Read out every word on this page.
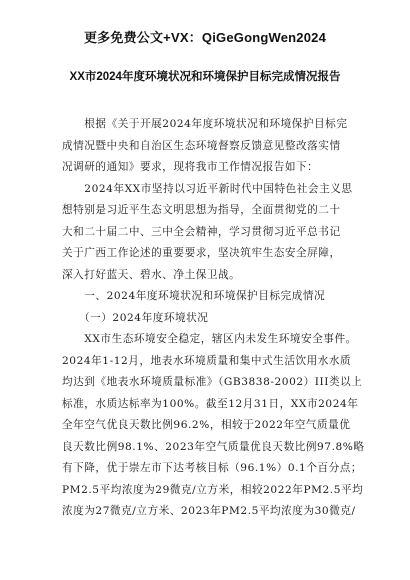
更多免费公文+VX：QiGeGongWen2024
XX市2024年度环境状况和环境保护目标完成情况报告
　　根据《关于开展2024年度环境状况和环境保护目标完
成情况暨中央和自治区生态环境督察反馈意见整改落实情
况调研的通知》要求，现将我市工作情况报告如下：
　　2024年XX市坚持以习近平新时代中国特色社会主义思
想特别是习近平生态文明思想为指导，全面贯彻党的二十
大和二十届二中、三中全会精神，学习贯彻习近平总书记
关于广西工作论述的重要要求，坚决筑牢生态安全屏障，
深入打好蓝天、碧水、净土保卫战。
　　一、2024年度环境状况和环境保护目标完成情况
　　（一）2024年度环境状况
　　XX市生态环境安全稳定，辖区内未发生环境安全事件。
2024年1-12月，地表水环境质量和集中式生活饮用水水质
均达到《地表水环境质量标准》（GB3838-2002）III类以上
标准，水质达标率为100%。截至12月31日，XX市2024年
全年空气优良天数比例96.2%，相较于2022年空气质量优
良天数比例98.1%、2023年空气质量优良天数比例97.8%略
有下降，优于崇左市下达考核目标（96.1%）0.1个百分点；
PM2.5平均浓度为29微克/立方米，相较2022年PM2.5平均
浓度为27微克/立方米、2023年PM2.5平均浓度为30微克/
